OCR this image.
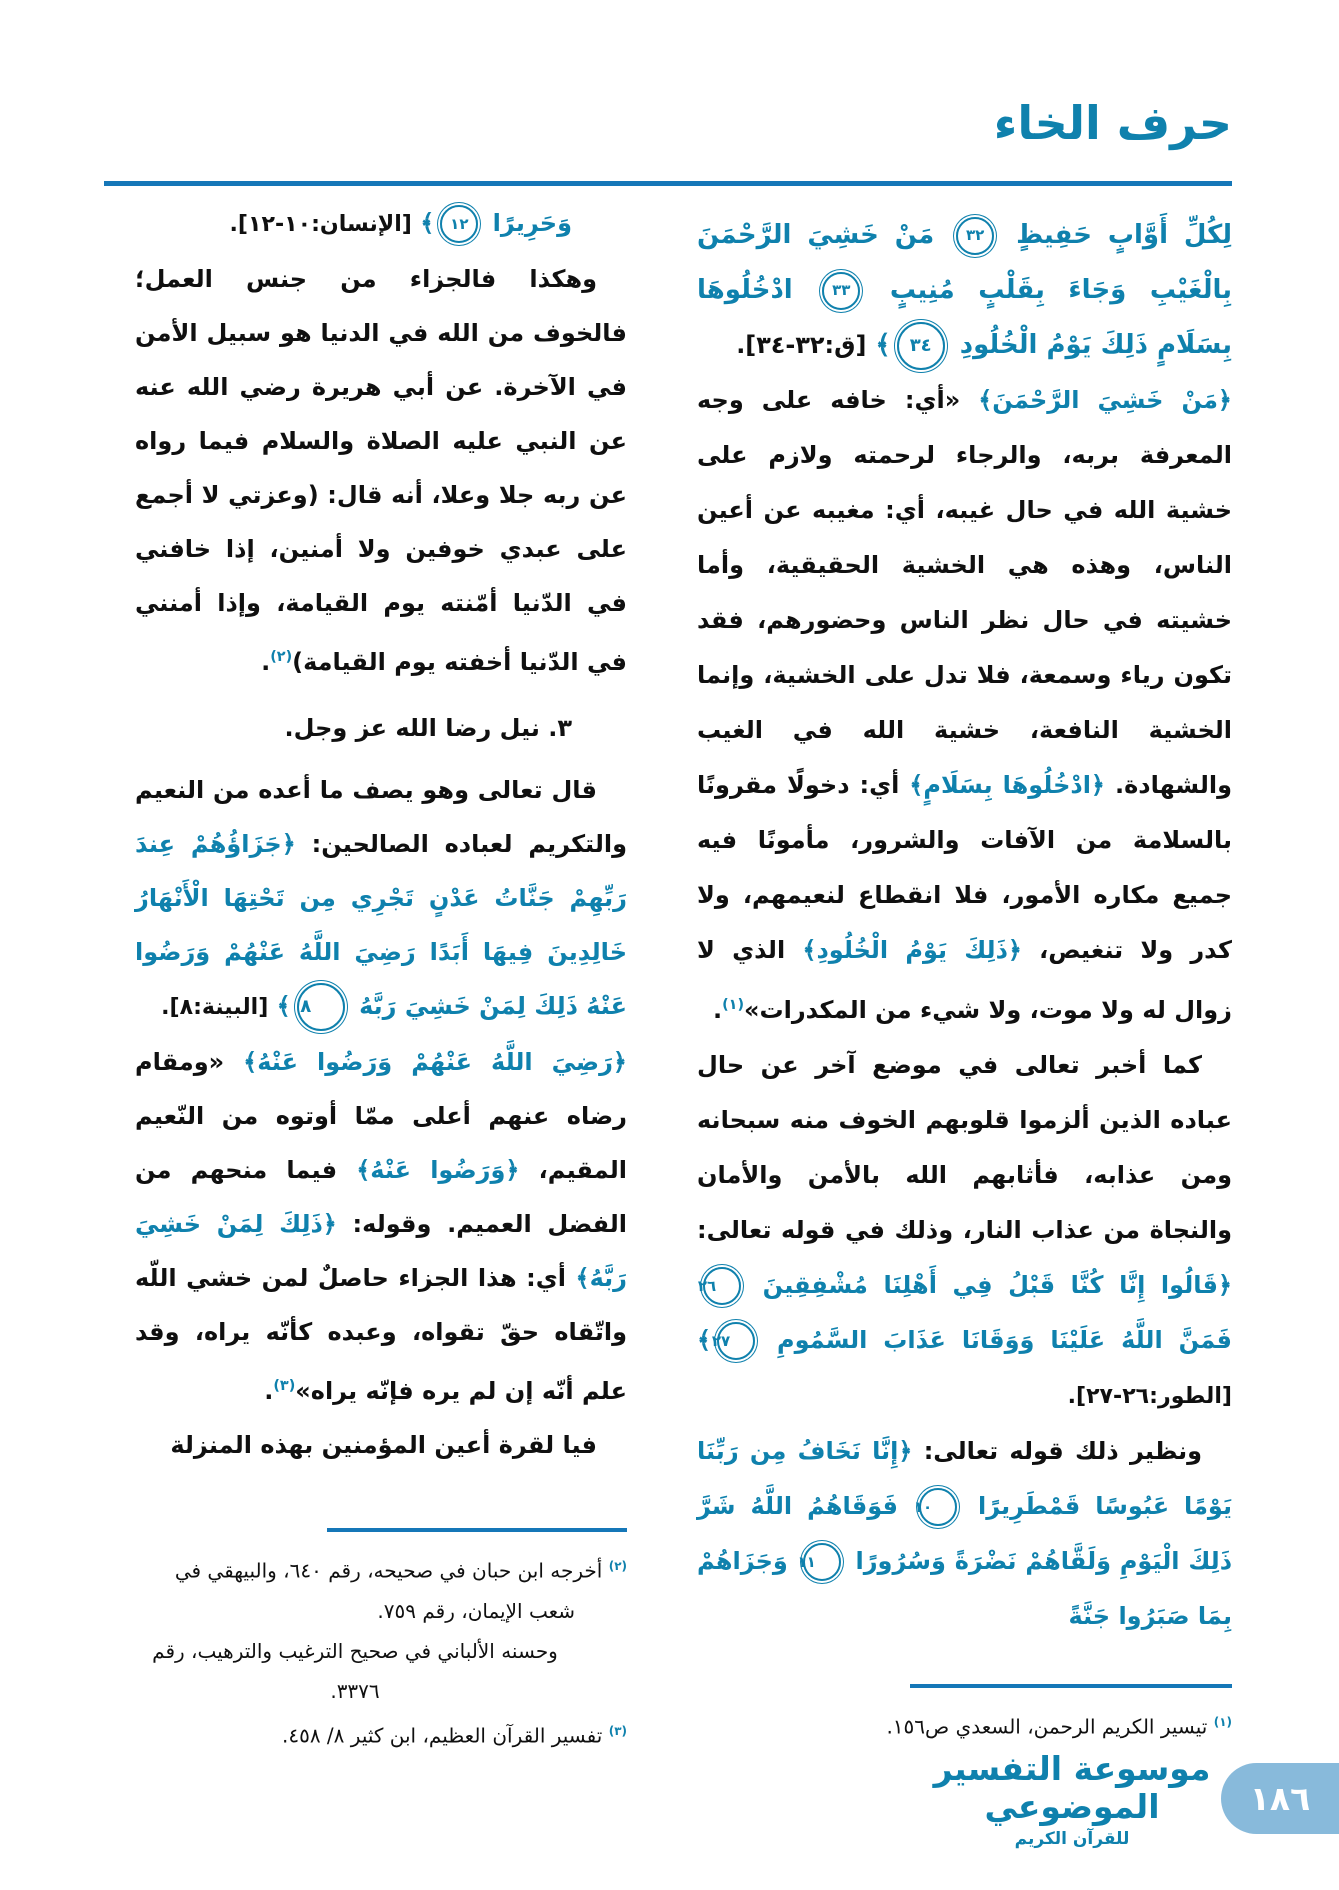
حرف الخاء
لِكُلِّ أَوَّابٍ حَفِيظٍ ٣٢ مَنْ خَشِيَ الرَّحْمَنَ بِالْغَيْبِ وَجَاءَ بِقَلْبٍ مُنِيبٍ ٣٣ ادْخُلُوهَا بِسَلَامٍ ذَلِكَ يَوْمُ الْخُلُودِ ٣٤﴾ [ق:٣٢-٣٤].
﴿مَنْ خَشِيَ الرَّحْمَنَ﴾ «أي: خافه على وجه المعرفة بربه، والرجاء لرحمته ولازم على خشية الله في حال غيبه، أي: مغيبه عن أعين الناس، وهذه هي الخشية الحقيقية، وأما خشيته في حال نظر الناس وحضورهم، فقد تكون رياء وسمعة، فلا تدل على الخشية، وإنما الخشية النافعة، خشية الله في الغيب والشهادة. ﴿ادْخُلُوهَا بِسَلَامٍ﴾ أي: دخولًا مقرونًا بالسلامة من الآفات والشرور، مأمونًا فيه جميع مكاره الأمور، فلا انقطاع لنعيمهم، ولا كدر ولا تنغيص، ﴿ذَلِكَ يَوْمُ الْخُلُودِ﴾ الذي لا زوال له ولا موت، ولا شيء من المكدرات»$^{(١)}$.
كما أخبر تعالى في موضع آخر عن حال عباده الذين ألزموا قلوبهم الخوف منه سبحانه ومن عذابه، فأثابهم الله بالأمن والأمان والنجاة من عذاب النار، وذلك في قوله تعالى: ﴿قَالُوا إِنَّا كُنَّا قَبْلُ فِي أَهْلِنَا مُشْفِقِينَ ٢٦ فَمَنَّ اللَّهُ عَلَيْنَا وَوَقَانَا عَذَابَ السَّمُومِ ٢٧﴾ [الطور:٢٦-٢٧].
ونظير ذلك قوله تعالى: ﴿إِنَّا نَخَافُ مِن رَبِّنَا يَوْمًا عَبُوسًا قَمْطَرِيرًا ١٠ فَوَقَاهُمُ اللَّهُ شَرَّ ذَلِكَ الْيَوْمِ وَلَقَّاهُمْ نَضْرَةً وَسُرُورًا ١١ وَجَزَاهُمْ بِمَا صَبَرُوا جَنَّةً
وَحَرِيرًا ١٢﴾ [الإنسان:١٠-١٢].
وهكذا فالجزاء من جنس العمل؛ فالخوف من الله في الدنيا هو سبيل الأمن في الآخرة. عن أبي هريرة رضي الله عنه عن النبي عليه الصلاة والسلام فيما رواه عن ربه جلا وعلا، أنه قال: (وعزتي لا أجمع على عبدي خوفين ولا أمنين، إذا خافني في الدّنيا أمّنته يوم القيامة، وإذا أمنني في الدّنيا أخفته يوم القيامة)$^{(٢)}$.
٣. نيل رضا الله عز وجل.
قال تعالى وهو يصف ما أعده من النعيم والتكريم لعباده الصالحين: ﴿جَزَاؤُهُمْ عِندَ رَبِّهِمْ جَنَّاتُ عَدْنٍ تَجْرِي مِن تَحْتِهَا الْأَنْهَارُ خَالِدِينَ فِيهَا أَبَدًا رَضِيَ اللَّهُ عَنْهُمْ وَرَضُوا عَنْهُ ذَلِكَ لِمَنْ خَشِيَ رَبَّهُ ٨﴾ [البينة:٨].
﴿رَضِيَ اللَّهُ عَنْهُمْ وَرَضُوا عَنْهُ﴾ «ومقام رضاه عنهم أعلى ممّا أوتوه من النّعيم المقيم، ﴿وَرَضُوا عَنْهُ﴾ فيما منحهم من الفضل العميم. وقوله: ﴿ذَلِكَ لِمَنْ خَشِيَ رَبَّهُ﴾ أي: هذا الجزاء حاصلٌ لمن خشي اللّه واتّقاه حقّ تقواه، وعبده كأنّه يراه، وقد علم أنّه إن لم يره فإنّه يراه»$^{(٣)}$.
فيا لقرة أعين المؤمنين بهذه المنزلة
$^{(٢)}$ أخرجه ابن حبان في صحيحه، رقم ٦٤٠، والبيهقي في شعب الإيمان، رقم ٧٥٩.
وحسنه الألباني في صحيح الترغيب والترهيب، رقم ٣٣٧٦.
$^{(٣)}$ تفسير القرآن العظيم، ابن كثير ٨/ ٤٥٨.
$^{(١)}$ تيسير الكريم الرحمن، السعدي ص١٥٦.
موسوعة التفسير الموضوعي
للقرآن الكريم
١٨٦
